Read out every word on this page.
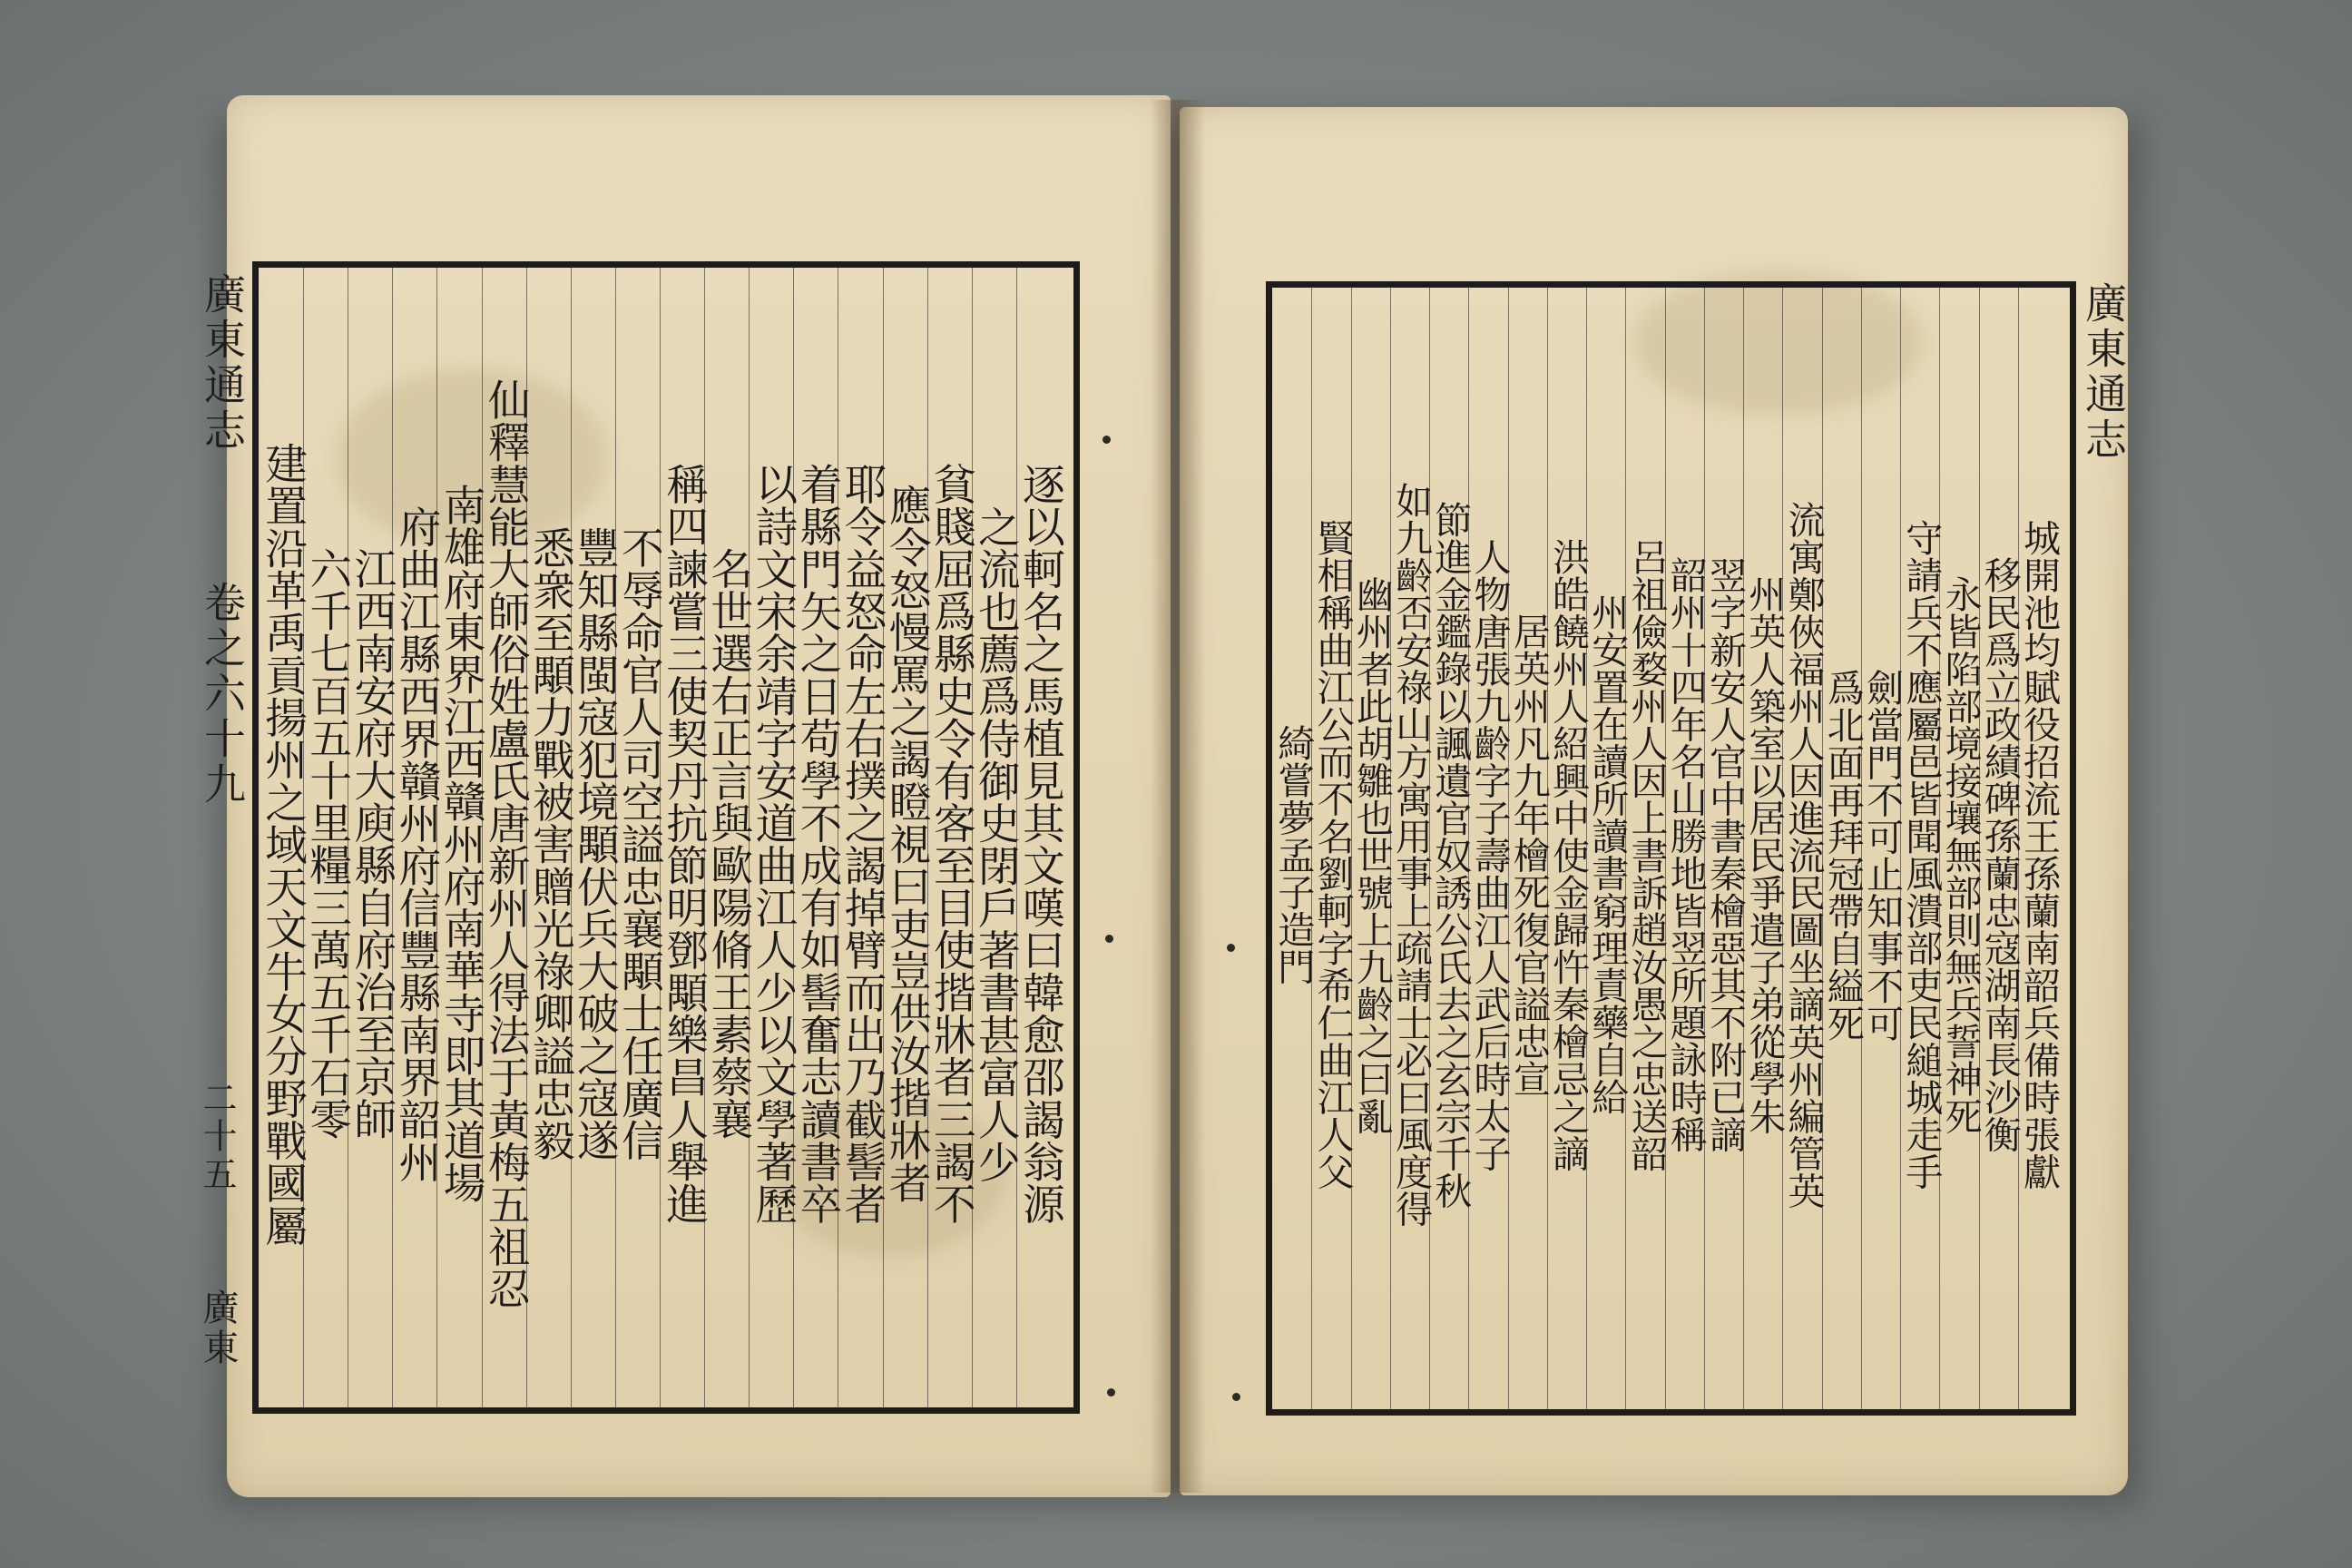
逐以軻名之馬植見其文嘆曰韓愈邵謁翁源
之流也薦爲侍御史閉戶著書甚富人少
貧賤屈爲縣史令有客至目使揩牀者三謁不
應令怒慢罵之謁瞪視曰吏豈供汝揩牀者
耶令益怒命左右撲之謁掉臂而出乃截髻者
着縣門矢之日苟學不成有如髻奮志讀書卒
以詩文宋余靖字安道曲江人少以文學著歷
名世選右正言與歐陽脩王素蔡襄
稱四諫嘗三使契丹抗節明鄧顒樂昌人舉進
不辱命官人司空謚忠襄顒士任廣信
豐知縣閩寇犯境顒伏兵大破之寇遂
悉衆至顒力戰被害贈光祿卿謚忠毅
仙釋慧能大師俗姓盧氏唐新州人得法于黃梅五祖忍
南雄府東界江西贛州府南華寺即其道場
府曲江縣西界贛州府信豐縣南界韶州
江西南安府大庾縣自府治至京師
六千七百五十里糧三萬五千石零
建置沿革禹貢揚州之域天文牛女分野戰國屬
廣東通志
卷之六十九
二十五
廣東
城開池均賦役招流王孫蘭南韶兵備時張獻
移民爲立政績碑孫蘭忠寇湖南長沙衡
永皆陷部境接壤無部則無兵誓神死
守請兵不應屬邑皆聞風潰部吏民縋城走手
劍當門不可止知事不可
爲北面再拜冠帶自縊死
流寓鄭俠福州人因進流民圖坐謫英州編管英
州英人築室以居民爭遣子弟從學朱
翌字新安人官中書秦檜惡其不附已謫
韶州十四年名山勝地皆翌所題詠時稱
呂祖儉婺州人因上書訴趙汝愚之忠送韶
州安置在讀所讀書窮理責藥自給
洪皓饒州人紹興中使金歸忤秦檜忌之謫
居英州凡九年檜死復官謚忠宣
人物唐張九齡字子壽曲江人武后時太子
節進金鑑錄以諷遺官奴誘公氏去之玄宗千秋
如九齡否安祿山方寓用事上疏請士必曰風度得
幽州者此胡雛也世號上九齡之曰亂
賢相稱曲江公而不名劉軻字希仁曲江人父
綺嘗夢孟子造門
廣東通志
